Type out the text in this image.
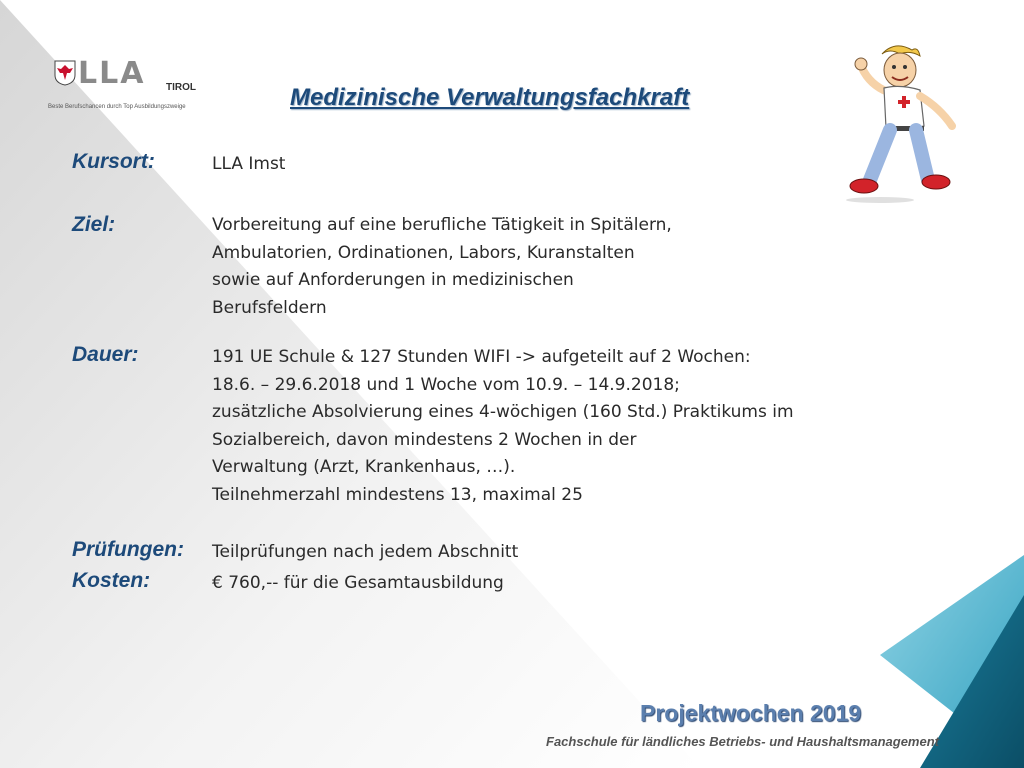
LLA TIROL
Beste Berufschancen durch Top Ausbildungszweige	Medizinische Verwaltungsfachkraft
Kursort:	LLA Imst
Ziel:	Vorbereitung auf eine berufliche Tätigkeit in Spitälern,
Ambulatorien, Ordinationen, Labors, Kuranstalten
sowie auf Anforderungen in medizinischen
Berufsfeldern
Dauer:	191 UE Schule & 127 Stunden WIFI -> aufgeteilt auf 2 Wochen:
18.6. – 29.6.2018 und 1 Woche vom 10.9. – 14.9.2018;
zusätzliche Absolvierung eines 4-wöchigen (160 Std.) Praktikums im
Sozialbereich, davon mindestens 2 Wochen in der
Verwaltung (Arzt, Krankenhaus, …).
Teilnehmerzahl mindestens 13, maximal 25
Prüfungen: Teilprüfungen nach jedem Abschnitt
Kosten:	€ 760,-- für die Gesamtausbildung
Projektwochen 2019
Fachschule für ländliches Betriebs- und Haushaltsmanagement
